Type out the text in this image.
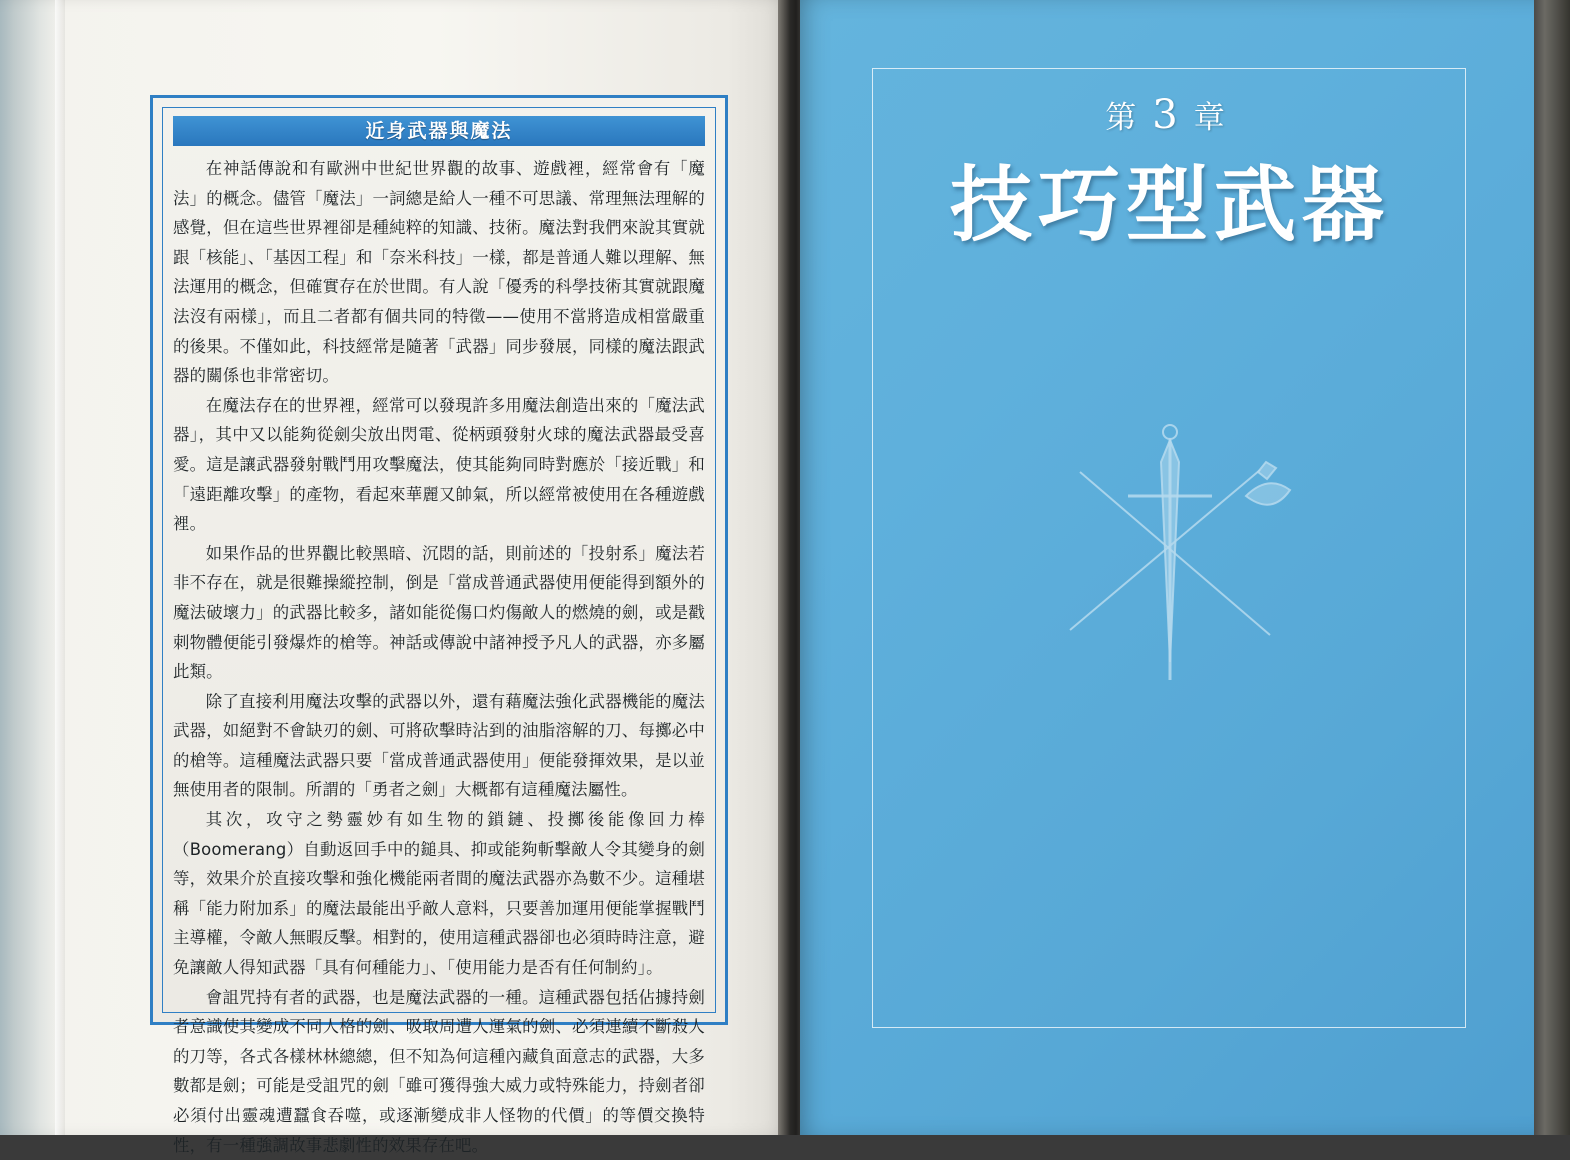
近身武器與魔法

在神話傳說和有歐洲中世紀世界觀的故事、遊戲裡，經常會有「魔法」的概念。儘管「魔法」一詞總是給人一種不可思議、常理無法理解的感覺，但在這些世界裡卻是種純粹的知識、技術。魔法對我們來說其實就跟「核能」、「基因工程」和「奈米科技」一樣，都是普通人難以理解、無法運用的概念，但確實存在於世間。有人說「優秀的科學技術其實就跟魔法沒有兩樣」，而且二者都有個共同的特徵——使用不當將造成相當嚴重的後果。不僅如此，科技經常是隨著「武器」同步發展，同樣的魔法跟武器的關係也非常密切。

在魔法存在的世界裡，經常可以發現許多用魔法創造出來的「魔法武器」，其中又以能夠從劍尖放出閃電、從柄頭發射火球的魔法武器最受喜愛。這是讓武器發射戰鬥用攻擊魔法，使其能夠同時對應於「接近戰」和「遠距離攻擊」的產物，看起來華麗又帥氣，所以經常被使用在各種遊戲裡。

如果作品的世界觀比較黑暗、沉悶的話，則前述的「投射系」魔法若非不存在，就是很難操縱控制，倒是「當成普通武器使用便能得到額外的魔法破壞力」的武器比較多，諸如能從傷口灼傷敵人的燃燒的劍，或是戳刺物體便能引發爆炸的槍等。神話或傳說中諸神授予凡人的武器，亦多屬此類。

除了直接利用魔法攻擊的武器以外，還有藉魔法強化武器機能的魔法武器，如絕對不會缺刃的劍、可將砍擊時沾到的油脂溶解的刀、每擲必中的槍等。這種魔法武器只要「當成普通武器使用」便能發揮效果，是以並無使用者的限制。所謂的「勇者之劍」大概都有這種魔法屬性。

其次，攻守之勢靈妙有如生物的鎖鏈、投擲後能像回力棒（Boomerang）自動返回手中的鎚具、抑或能夠斬擊敵人令其變身的劍等，效果介於直接攻擊和強化機能兩者間的魔法武器亦為數不少。這種堪稱「能力附加系」的魔法最能出乎敵人意料，只要善加運用便能掌握戰鬥主導權，令敵人無暇反擊。相對的，使用這種武器卻也必須時時注意，避免讓敵人得知武器「具有何種能力」、「使用能力是否有任何制約」。

會詛咒持有者的武器，也是魔法武器的一種。這種武器包括佔據持劍者意識使其變成不同人格的劍、吸取周遭人運氣的劍、必須連續不斷殺人的刀等，各式各樣林林總總，但不知為何這種內藏負面意志的武器，大多數都是劍；可能是受詛咒的劍「雖可獲得強大威力或特殊能力，持劍者卻必須付出靈魂遭蠶食吞噬，或逐漸變成非人怪物的代價」的等價交換特性，有一種強調故事悲劇性的效果存在吧。

第 3 章
技巧型武器
